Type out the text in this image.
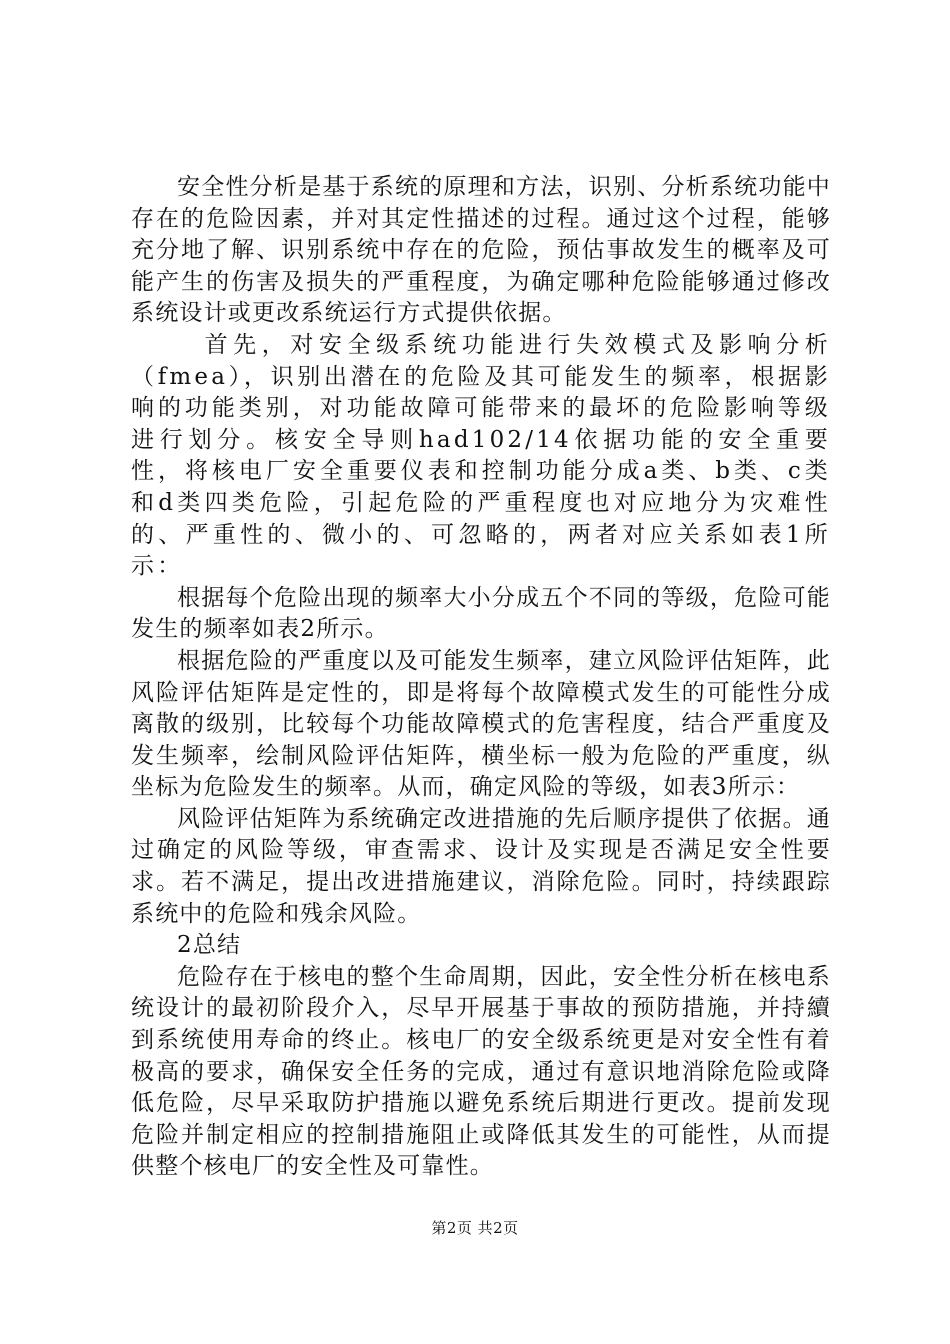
安全性分析是基于系统的原理和方法，识别、分析系统功能中存在的危险因素，并对其定性描述的过程。通过这个过程，能够充分地了解、识别系统中存在的危险，预估事故发生的概率及可能产生的伤害及损失的严重程度，为确定哪种危险能够通过修改系统设计或更改系统运行方式提供依据。

首先，对安全级系统功能进行失效模式及影响分析（fmea），识别出潜在的危险及其可能发生的频率，根据影响的功能类别，对功能故障可能带来的最坏的危险影响等级进行划分。核安全导则had102/14依据功能的安全重要性，将核电厂安全重要仪表和控制功能分成a类、b类、c类和d类四类危险，引起危险的严重程度也对应地分为灾难性的、严重性的、微小的、可忽略的，两者对应关系如表1所示：

根据每个危险出现的频率大小分成五个不同的等级，危险可能发生的频率如表2所示。

根据危险的严重度以及可能发生频率，建立风险评估矩阵，此风险评估矩阵是定性的，即是将每个故障模式发生的可能性分成离散的级别，比较每个功能故障模式的危害程度，结合严重度及发生频率，绘制风险评估矩阵，横坐标一般为危险的严重度，纵坐标为危险发生的频率。从而，确定风险的等级，如表3所示：

风险评估矩阵为系统确定改进措施的先后顺序提供了依据。通过确定的风险等级，审查需求、设计及实现是否满足安全性要求。若不满足，提出改进措施建议，消除危险。同时，持续跟踪系统中的危险和残余风险。

2总结

危险存在于核电的整个生命周期，因此，安全性分析在核电系统设计的最初阶段介入，尽早开展基于事故的预防措施，并持續到系统使用寿命的终止。核电厂的安全级系统更是对安全性有着极高的要求，确保安全任务的完成，通过有意识地消除危险或降低危险，尽早采取防护措施以避免系统后期进行更改。提前发现危险并制定相应的控制措施阻止或降低其发生的可能性，从而提供整个核电厂的安全性及可靠性。

第2页 共2页
